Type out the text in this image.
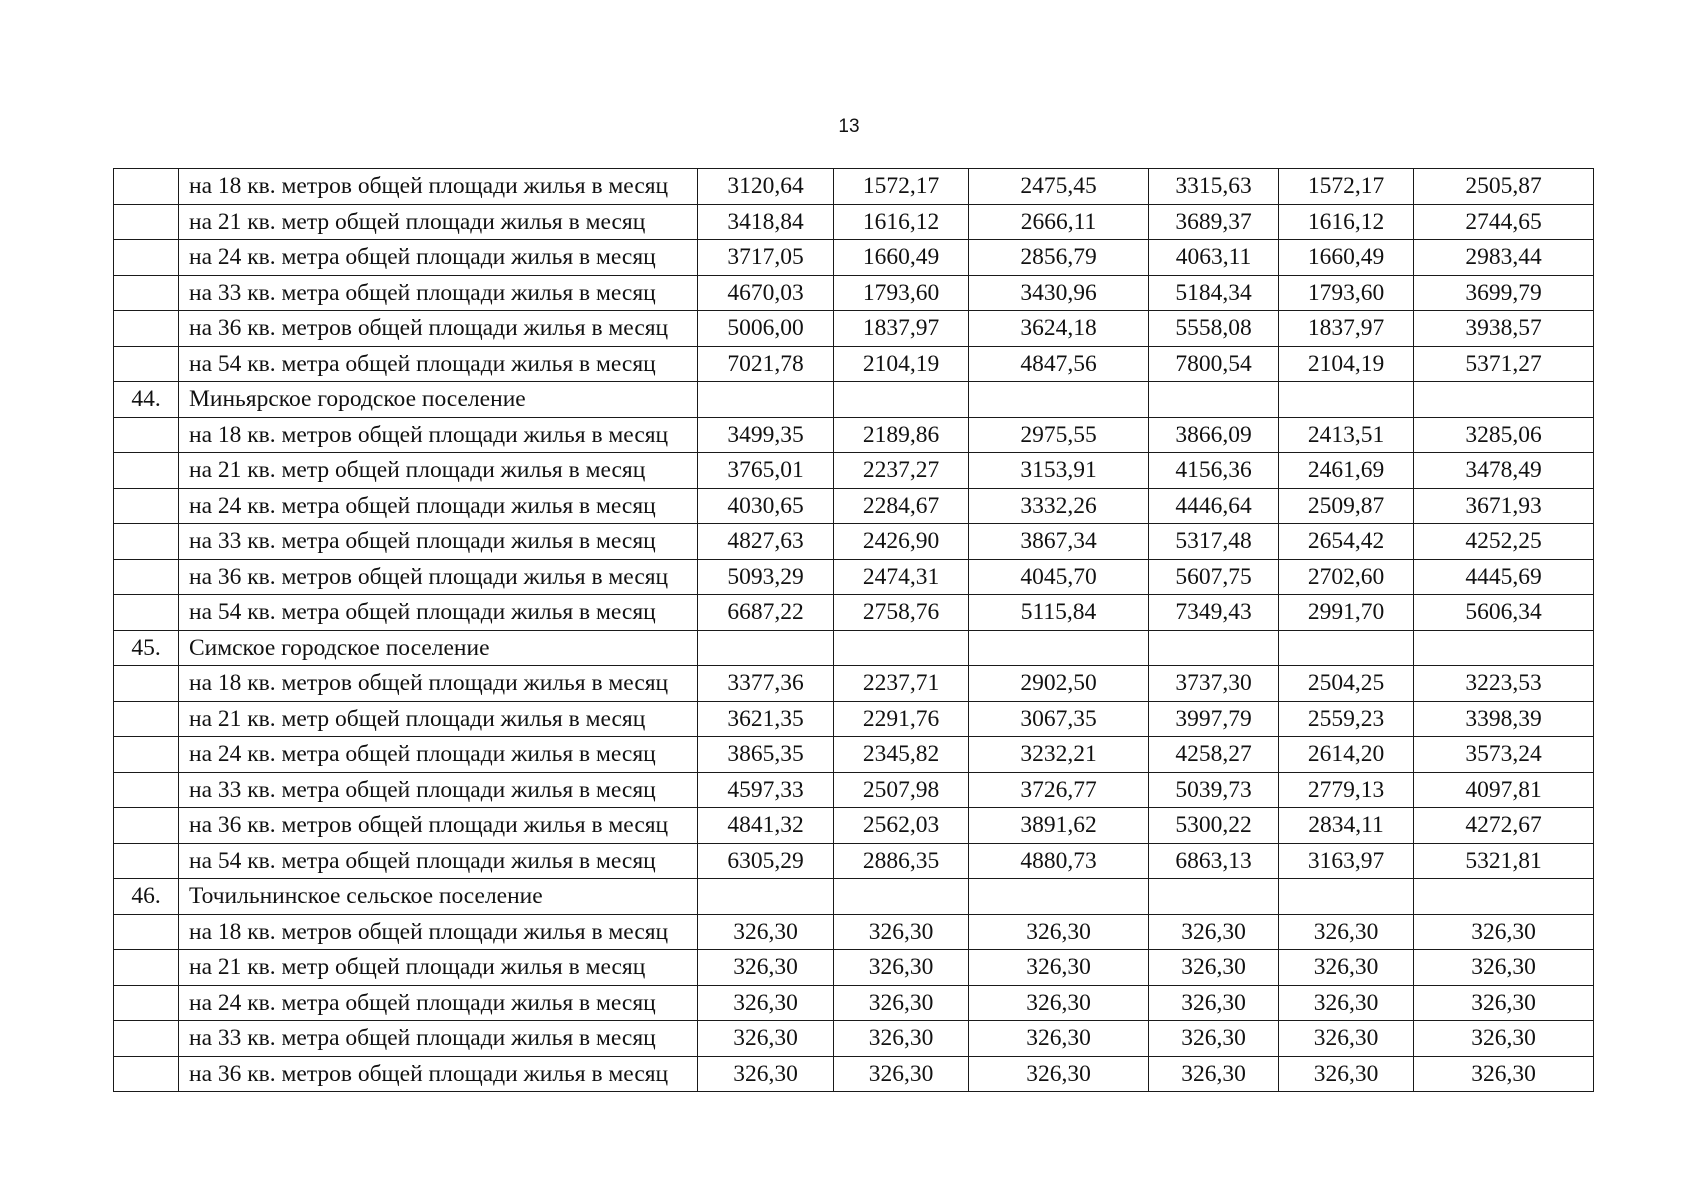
13
	на 18 кв. метров общей площади жилья в месяц	3120,64	1572,17	2475,45	3315,63	1572,17	2505,87
	на 21 кв. метр общей площади жилья в месяц	3418,84	1616,12	2666,11	3689,37	1616,12	2744,65
	на 24 кв. метра общей площади жилья в месяц	3717,05	1660,49	2856,79	4063,11	1660,49	2983,44
	на 33 кв. метра общей площади жилья в месяц	4670,03	1793,60	3430,96	5184,34	1793,60	3699,79
	на 36 кв. метров общей площади жилья в месяц	5006,00	1837,97	3624,18	5558,08	1837,97	3938,57
	на 54 кв. метра общей площади жилья в месяц	7021,78	2104,19	4847,56	7800,54	2104,19	5371,27
44.	Миньярское городское поселение						
	на 18 кв. метров общей площади жилья в месяц	3499,35	2189,86	2975,55	3866,09	2413,51	3285,06
	на 21 кв. метр общей площади жилья в месяц	3765,01	2237,27	3153,91	4156,36	2461,69	3478,49
	на 24 кв. метра общей площади жилья в месяц	4030,65	2284,67	3332,26	4446,64	2509,87	3671,93
	на 33 кв. метра общей площади жилья в месяц	4827,63	2426,90	3867,34	5317,48	2654,42	4252,25
	на 36 кв. метров общей площади жилья в месяц	5093,29	2474,31	4045,70	5607,75	2702,60	4445,69
	на 54 кв. метра общей площади жилья в месяц	6687,22	2758,76	5115,84	7349,43	2991,70	5606,34
45.	Симское городское поселение						
	на 18 кв. метров общей площади жилья в месяц	3377,36	2237,71	2902,50	3737,30	2504,25	3223,53
	на 21 кв. метр общей площади жилья в месяц	3621,35	2291,76	3067,35	3997,79	2559,23	3398,39
	на 24 кв. метра общей площади жилья в месяц	3865,35	2345,82	3232,21	4258,27	2614,20	3573,24
	на 33 кв. метра общей площади жилья в месяц	4597,33	2507,98	3726,77	5039,73	2779,13	4097,81
	на 36 кв. метров общей площади жилья в месяц	4841,32	2562,03	3891,62	5300,22	2834,11	4272,67
	на 54 кв. метра общей площади жилья в месяц	6305,29	2886,35	4880,73	6863,13	3163,97	5321,81
46.	Точильнинское сельское поселение						
	на 18 кв. метров общей площади жилья в месяц	326,30	326,30	326,30	326,30	326,30	326,30
	на 21 кв. метр общей площади жилья в месяц	326,30	326,30	326,30	326,30	326,30	326,30
	на 24 кв. метра общей площади жилья в месяц	326,30	326,30	326,30	326,30	326,30	326,30
	на 33 кв. метра общей площади жилья в месяц	326,30	326,30	326,30	326,30	326,30	326,30
	на 36 кв. метров общей площади жилья в месяц	326,30	326,30	326,30	326,30	326,30	326,30
